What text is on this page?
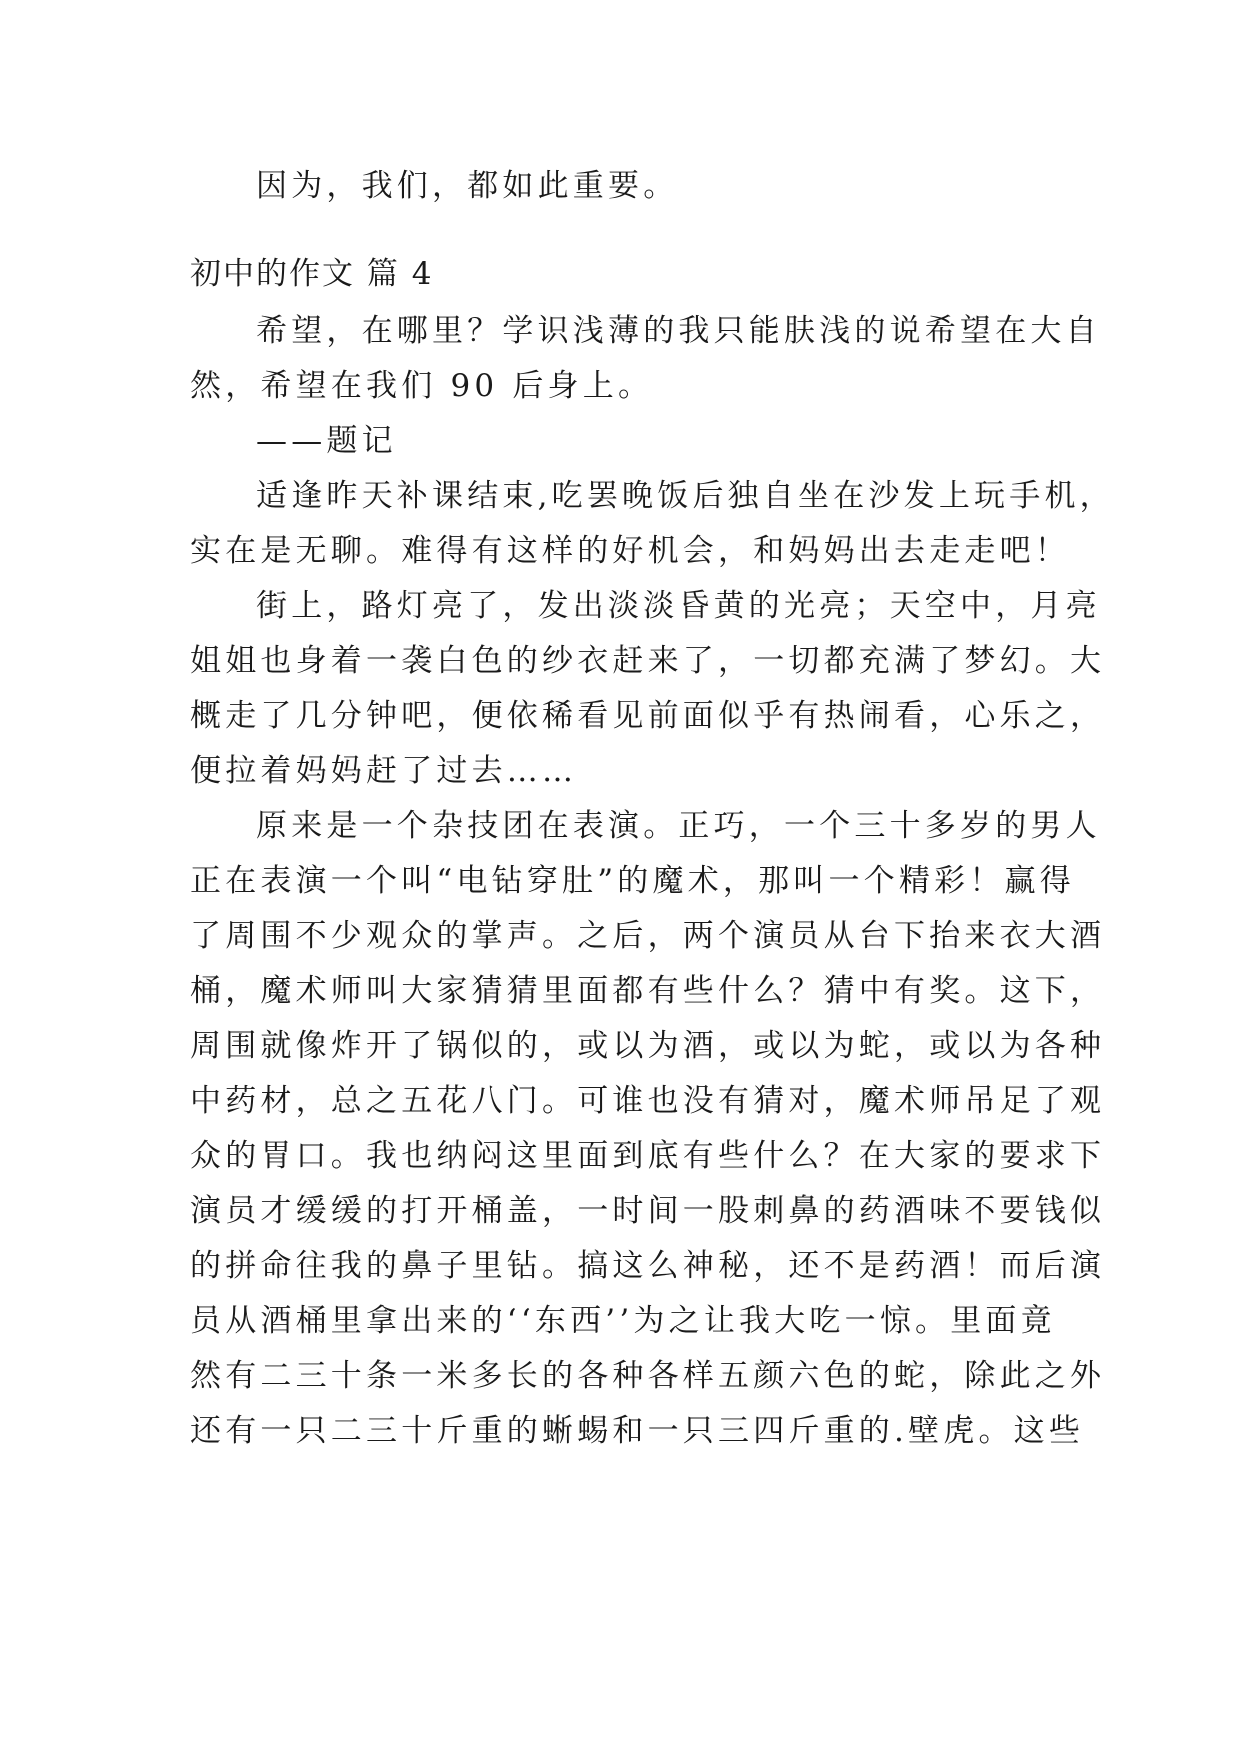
因为，我们，都如此重要。
初中的作文 篇 4
希望，在哪里？学识浅薄的我只能肤浅的说希望在大自
然，希望在我们 90 后身上。
——题记
适逢昨天补课结束,吃罢晚饭后独自坐在沙发上玩手机，
实在是无聊。难得有这样的好机会，和妈妈出去走走吧！
街上，路灯亮了，发出淡淡昏黄的光亮；天空中，月亮
姐姐也身着一袭白色的纱衣赶来了，一切都充满了梦幻。大
概走了几分钟吧，便依稀看见前面似乎有热闹看，心乐之，
便拉着妈妈赶了过去……
原来是一个杂技团在表演。正巧，一个三十多岁的男人
正在表演一个叫“电钻穿肚”的魔术，那叫一个精彩！赢得
了周围不少观众的掌声。之后，两个演员从台下抬来衣大酒
桶，魔术师叫大家猜猜里面都有些什么？猜中有奖。这下，
周围就像炸开了锅似的，或以为酒，或以为蛇，或以为各种
中药材，总之五花八门。可谁也没有猜对，魔术师吊足了观
众的胃口。我也纳闷这里面到底有些什么？在大家的要求下
演员才缓缓的打开桶盖，一时间一股刺鼻的药酒味不要钱似
的拼命往我的鼻子里钻。搞这么神秘，还不是药酒！而后演
员从酒桶里拿出来的‘‘东西’’为之让我大吃一惊。里面竟
然有二三十条一米多长的各种各样五颜六色的蛇，除此之外
还有一只二三十斤重的蜥蜴和一只三四斤重的.壁虎。这些
